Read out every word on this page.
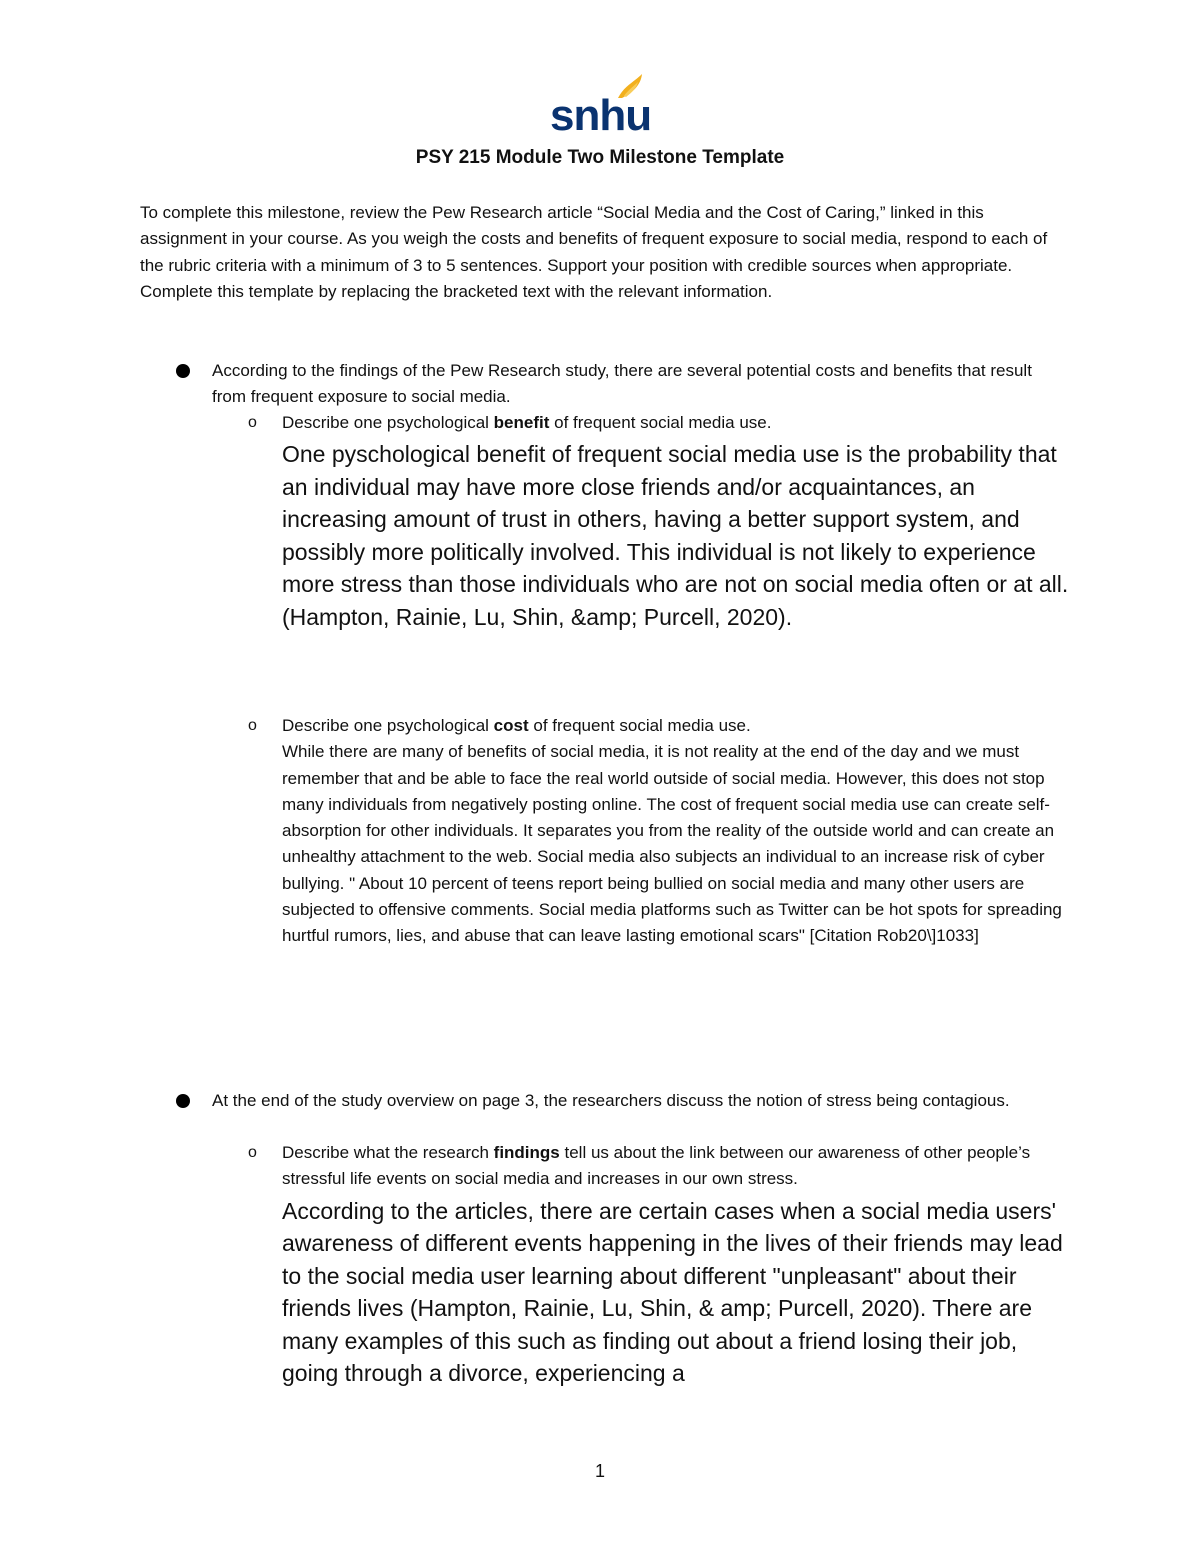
snhu
PSY 215 Module Two Milestone Template

To complete this milestone, review the Pew Research article “Social Media and the Cost of Caring,” linked in this assignment in your course. As you weigh the costs and benefits of frequent exposure to social media, respond to each of the rubric criteria with a minimum of 3 to 5 sentences. Support your position with credible sources when appropriate. Complete this template by replacing the bracketed text with the relevant information.

According to the findings of the Pew Research study, there are several potential costs and benefits that result from frequent exposure to social media.

o Describe one psychological benefit of frequent social media use.

One pyschological benefit of frequent social media use is the probability that an individual may have more close friends and/or acquaintances, an increasing amount of trust in others, having a better support system, and possibly more politically involved. This individual is not likely to experience more stress than those individuals who are not on social media often or at all. (Hampton, Rainie, Lu, Shin, &amp; Purcell, 2020).

o Describe one psychological cost of frequent social media use.

While there are many of benefits of social media, it is not reality at the end of the day and we must remember that and be able to face the real world outside of social media. However, this does not stop many individuals from negatively posting online. The cost of frequent social media use can create self-absorption for other individuals. It separates you from the reality of the outside world and can create an unhealthy attachment to the web. Social media also subjects an individual to an increase risk of cyber bullying. " About 10 percent of teens report being bullied on social media and many other users are subjected to offensive comments. Social media platforms such as Twitter can be hot spots for spreading hurtful rumors, lies, and abuse that can leave lasting emotional scars" [Citation Rob20\]1033]

At the end of the study overview on page 3, the researchers discuss the notion of stress being contagious.

o Describe what the research findings tell us about the link between our awareness of other people’s stressful life events on social media and increases in our own stress.

According to the articles, there are certain cases when a social media users' awareness of different events happening in the lives of their friends may lead to the social media user learning about different "unpleasant" about their friends lives (Hampton, Rainie, Lu, Shin, & amp; Purcell, 2020). There are many examples of this such as finding out about a friend losing their job, going through a divorce, experiencing a

1
